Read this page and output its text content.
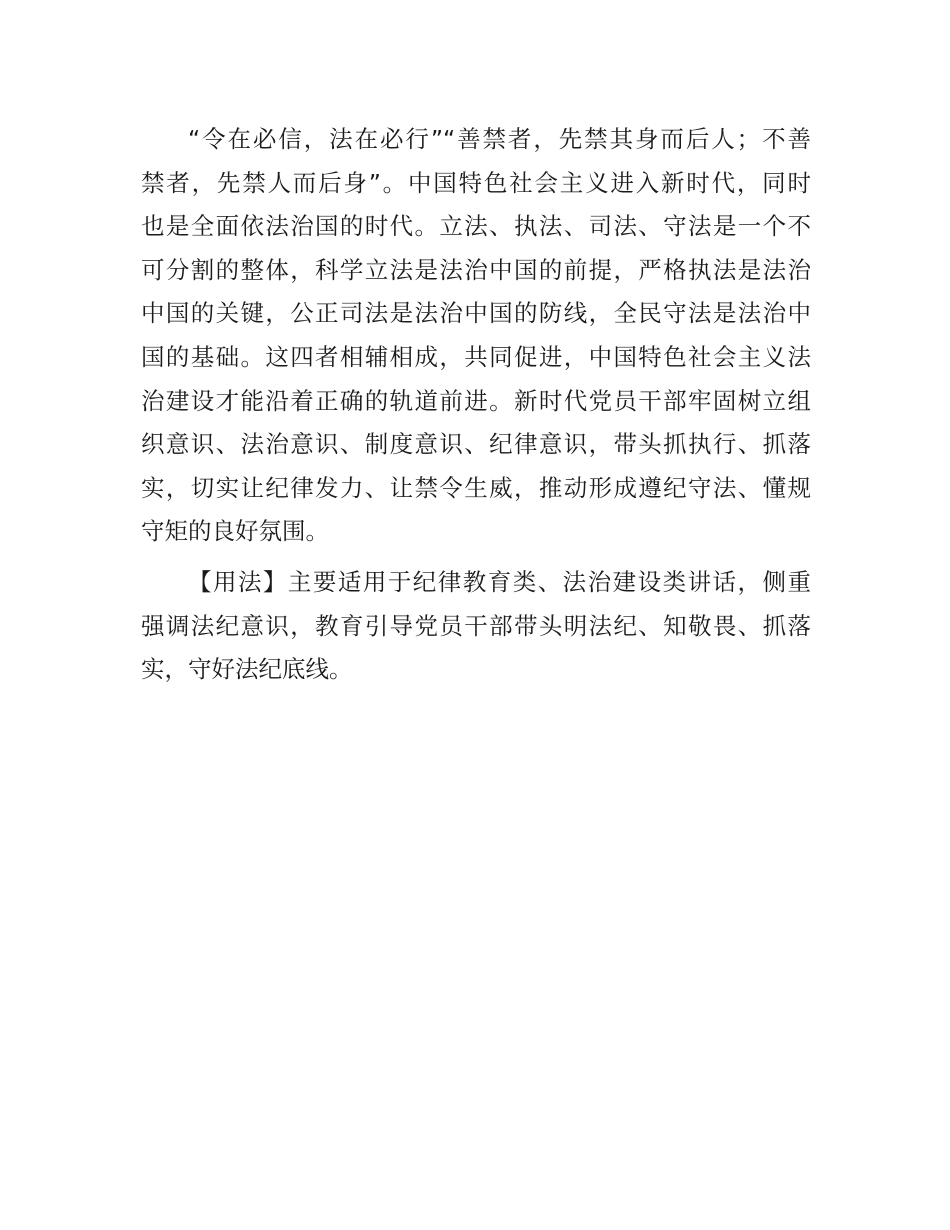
“令在必信，法在必行”“善禁者，先禁其身而后人；不善
禁者，先禁人而后身”。中国特色社会主义进入新时代，同时
也是全面依法治国的时代。立法、执法、司法、守法是一个不
可分割的整体，科学立法是法治中国的前提，严格执法是法治
中国的关键，公正司法是法治中国的防线，全民守法是法治中
国的基础。这四者相辅相成，共同促进，中国特色社会主义法
治建设才能沿着正确的轨道前进。新时代党员干部牢固树立组
织意识、法治意识、制度意识、纪律意识，带头抓执行、抓落
实，切实让纪律发力、让禁令生威，推动形成遵纪守法、懂规
守矩的良好氛围。
【用法】主要适用于纪律教育类、法治建设类讲话，侧重
强调法纪意识，教育引导党员干部带头明法纪、知敬畏、抓落
实，守好法纪底线。
